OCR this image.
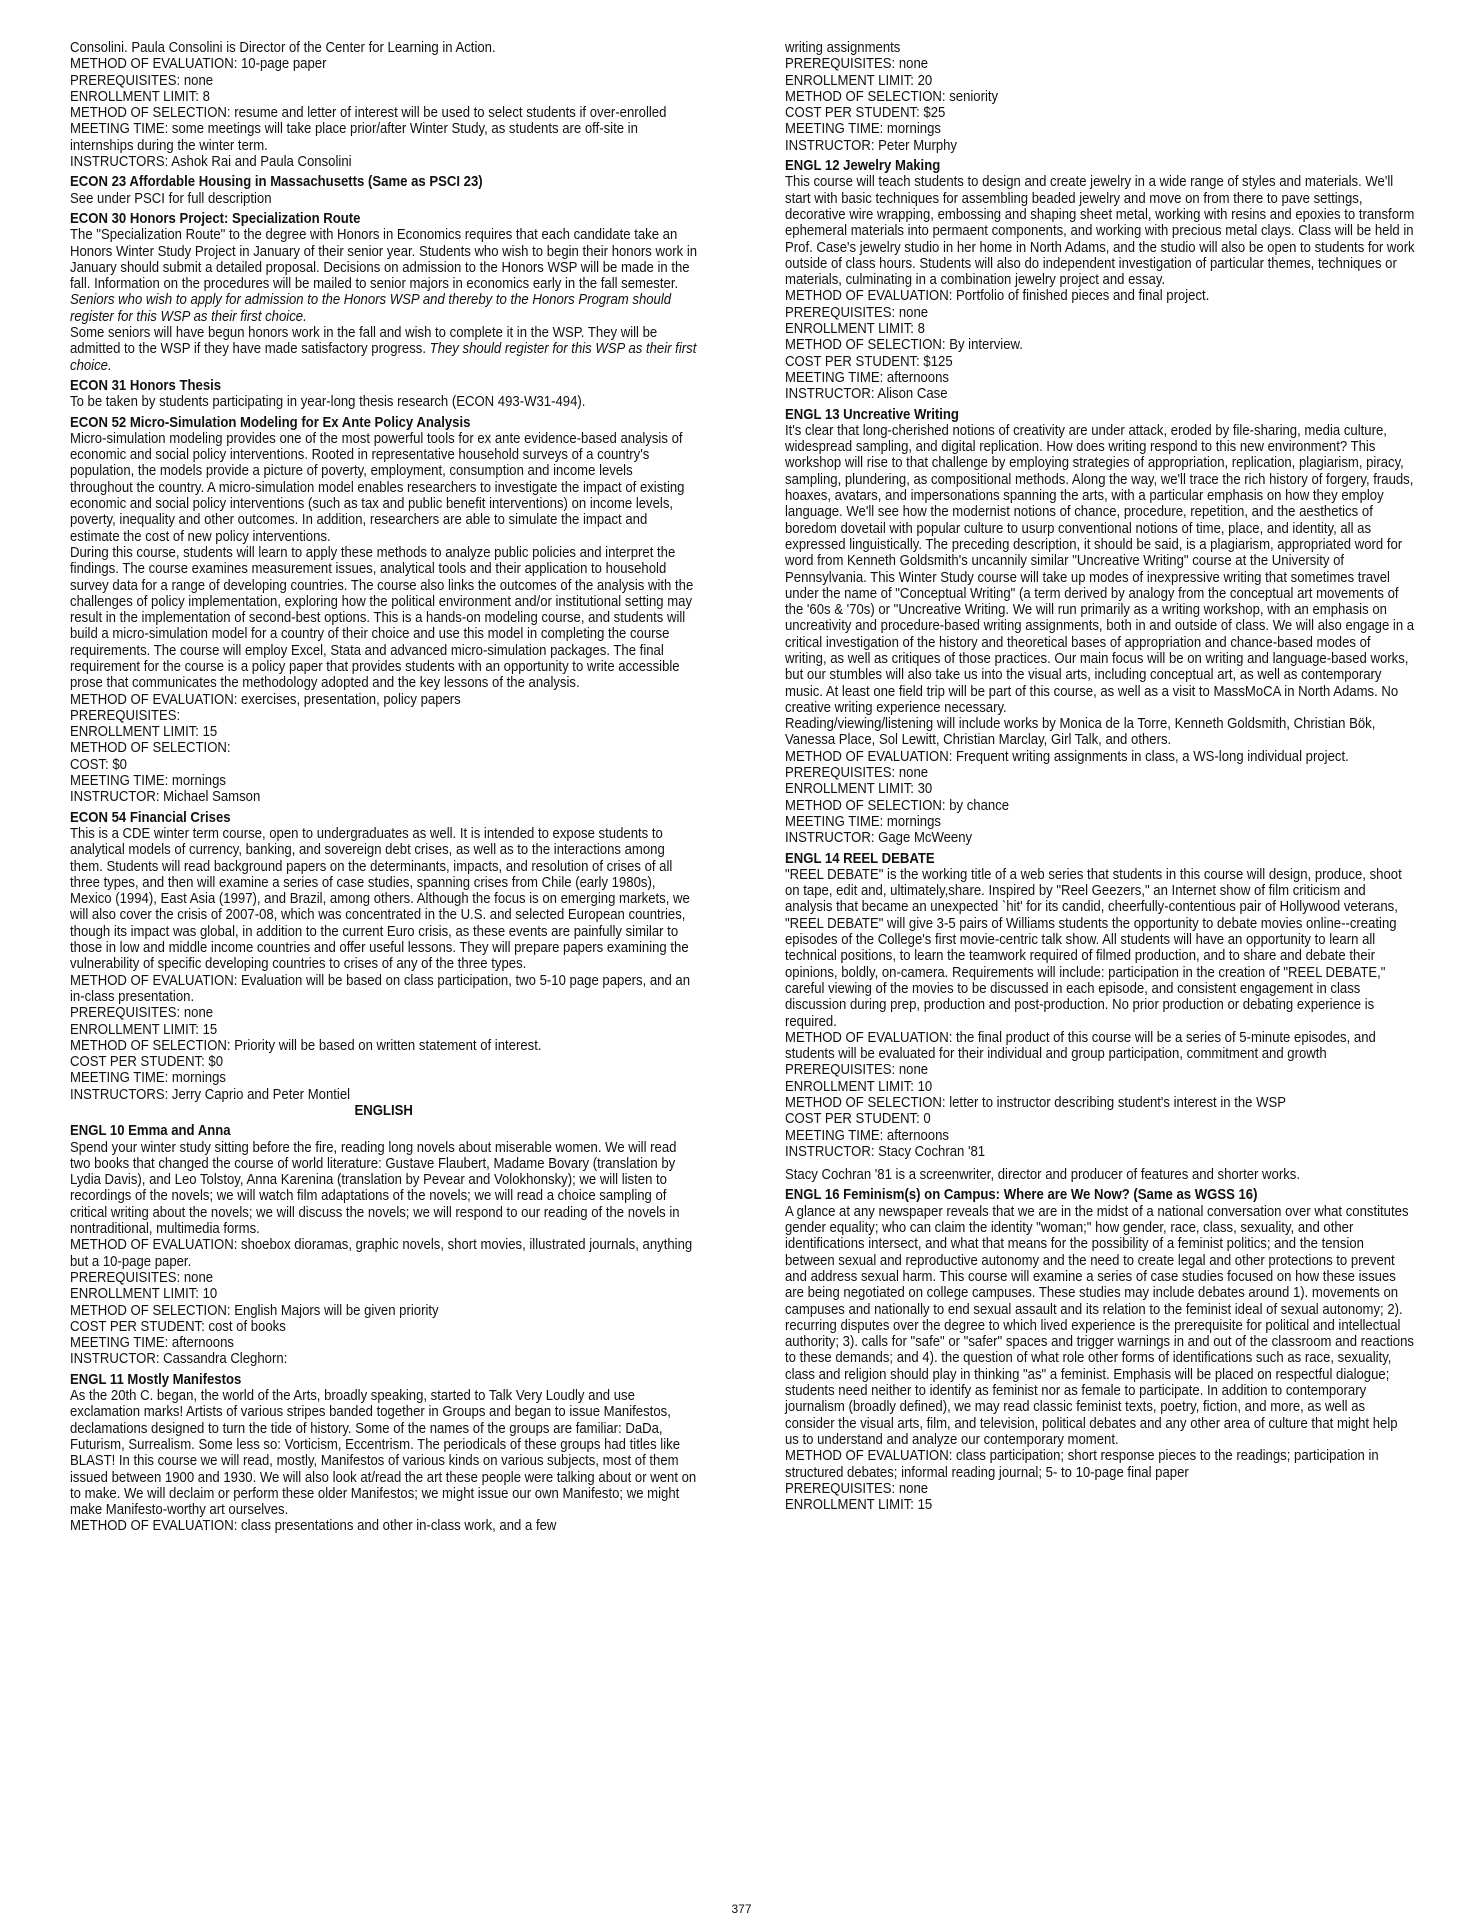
Consolini. Paula Consolini is Director of the Center for Learning in Action.

METHOD OF EVALUATION: 10-page paper

PREREQUISITES: none

ENROLLMENT LIMIT: 8

METHOD OF SELECTION: resume and letter of interest will be used to select students if over-enrolled

MEETING TIME: some meetings will take place prior/after Winter Study, as students are off-site in internships during the winter term.

INSTRUCTORS: Ashok Rai and Paula Consolini

ECON 23 Affordable Housing in Massachusetts (Same as PSCI 23)

See under PSCI for full description

ECON 30 Honors Project: Specialization Route

The "Specialization Route" to the degree with Honors in Economics requires that each candidate take an Honors Winter Study Project in January of their senior year. Students who wish to begin their honors work in January should submit a detailed proposal. Decisions on admission to the Honors WSP will be made in the fall. Information on the procedures will be mailed to senior majors in economics early in the fall semester.

Seniors who wish to apply for admission to the Honors WSP and thereby to the Honors Program should register for this WSP as their first choice.

Some seniors will have begun honors work in the fall and wish to complete it in the WSP. They will be admitted to the WSP if they have made satisfactory progress. They should register for this WSP as their first choice.

ECON 31 Honors Thesis

To be taken by students participating in year-long thesis research (ECON 493-W31-494).

ECON 52 Micro-Simulation Modeling for Ex Ante Policy Analysis

Micro-simulation modeling provides one of the most powerful tools for ex ante evidence-based analysis of economic and social policy interventions. Rooted in representative household surveys of a country's population, the models provide a picture of poverty, employment, consumption and income levels throughout the country. A micro-simulation model enables researchers to investigate the impact of existing economic and social policy interventions (such as tax and public benefit interventions) on income levels, poverty, inequality and other outcomes. In addition, researchers are able to simulate the impact and estimate the cost of new policy interventions.

During this course, students will learn to apply these methods to analyze public policies and interpret the findings. The course examines measurement issues, analytical tools and their application to household survey data for a range of developing countries. The course also links the outcomes of the analysis with the challenges of policy implementation, exploring how the political environment and/or institutional setting may result in the implementation of second-best options. This is a hands-on modeling course, and students will build a micro-simulation model for a country of their choice and use this model in completing the course requirements. The course will employ Excel, Stata and advanced micro-simulation packages. The final requirement for the course is a policy paper that provides students with an opportunity to write accessible prose that communicates the methodology adopted and the key lessons of the analysis.

METHOD OF EVALUATION: exercises, presentation, policy papers

PREREQUISITES:

ENROLLMENT LIMIT: 15

METHOD OF SELECTION:

COST: $0

MEETING TIME: mornings

INSTRUCTOR: Michael Samson

ECON 54 Financial Crises

This is a CDE winter term course, open to undergraduates as well. It is intended to expose students to analytical models of currency, banking, and sovereign debt crises, as well as to the interactions among them. Students will read background papers on the determinants, impacts, and resolution of crises of all three types, and then will examine a series of case studies, spanning crises from Chile (early 1980s), Mexico (1994), East Asia (1997), and Brazil, among others. Although the focus is on emerging markets, we will also cover the crisis of 2007-08, which was concentrated in the U.S. and selected European countries, though its impact was global, in addition to the current Euro crisis, as these events are painfully similar to those in low and middle income countries and offer useful lessons. They will prepare papers examining the vulnerability of specific developing countries to crises of any of the three types.

METHOD OF EVALUATION: Evaluation will be based on class participation, two 5-10 page papers, and an in-class presentation.

PREREQUISITES: none

ENROLLMENT LIMIT: 15

METHOD OF SELECTION: Priority will be based on written statement of interest.

COST PER STUDENT: $0

MEETING TIME: mornings

INSTRUCTORS: Jerry Caprio and Peter Montiel

ENGLISH

ENGL 10 Emma and Anna

Spend your winter study sitting before the fire, reading long novels about miserable women. We will read two books that changed the course of world literature: Gustave Flaubert, Madame Bovary (translation by Lydia Davis), and Leo Tolstoy, Anna Karenina (translation by Pevear and Volokhonsky); we will listen to recordings of the novels; we will watch film adaptations of the novels; we will read a choice sampling of critical writing about the novels; we will discuss the novels; we will respond to our reading of the novels in nontraditional, multimedia forms.

METHOD OF EVALUATION: shoebox dioramas, graphic novels, short movies, illustrated journals, anything but a 10-page paper.

PREREQUISITES: none

ENROLLMENT LIMIT: 10

METHOD OF SELECTION: English Majors will be given priority

COST PER STUDENT: cost of books

MEETING TIME: afternoons

INSTRUCTOR: Cassandra Cleghorn:

ENGL 11 Mostly Manifestos

As the 20th C. began, the world of the Arts, broadly speaking, started to Talk Very Loudly and use exclamation marks! Artists of various stripes banded together in Groups and began to issue Manifestos, declamations designed to turn the tide of history. Some of the names of the groups are familiar: DaDa, Futurism, Surrealism. Some less so: Vorticism, Eccentrism. The periodicals of these groups had titles like BLAST! In this course we will read, mostly, Manifestos of various kinds on various subjects, most of them issued between 1900 and 1930. We will also look at/read the art these people were talking about or went on to make. We will declaim or perform these older Manifestos; we might issue our own Manifesto; we might make Manifesto-worthy art ourselves.

METHOD OF EVALUATION: class presentations and other in-class work, and a few

writing assignments

PREREQUISITES: none

ENROLLMENT LIMIT: 20

METHOD OF SELECTION: seniority

COST PER STUDENT: $25

MEETING TIME: mornings

INSTRUCTOR: Peter Murphy

ENGL 12 Jewelry Making

This course will teach students to design and create jewelry in a wide range of styles and materials. We'll start with basic techniques for assembling beaded jewelry and move on from there to pave settings, decorative wire wrapping, embossing and shaping sheet metal, working with resins and epoxies to transform ephemeral materials into permaent components, and working with precious metal clays. Class will be held in Prof. Case's jewelry studio in her home in North Adams, and the studio will also be open to students for work outside of class hours. Students will also do independent investigation of particular themes, techniques or materials, culminating in a combination jewelry project and essay.

METHOD OF EVALUATION: Portfolio of finished pieces and final project.

PREREQUISITES: none

ENROLLMENT LIMIT: 8

METHOD OF SELECTION: By interview.

COST PER STUDENT: $125

MEETING TIME: afternoons

INSTRUCTOR: Alison Case

ENGL 13 Uncreative Writing

It's clear that long-cherished notions of creativity are under attack, eroded by file-sharing, media culture, widespread sampling, and digital replication. How does writing respond to this new environment? This workshop will rise to that challenge by employing strategies of appropriation, replication, plagiarism, piracy, sampling, plundering, as compositional methods. Along the way, we'll trace the rich history of forgery, frauds, hoaxes, avatars, and impersonations spanning the arts, with a particular emphasis on how they employ language. We'll see how the modernist notions of chance, procedure, repetition, and the aesthetics of boredom dovetail with popular culture to usurp conventional notions of time, place, and identity, all as expressed linguistically. The preceding description, it should be said, is a plagiarism, appropriated word for word from Kenneth Goldsmith's uncannily similar "Uncreative Writing" course at the University of Pennsylvania. This Winter Study course will take up modes of inexpressive writing that sometimes travel under the name of "Conceptual Writing" (a term derived by analogy from the conceptual art movements of the '60s & '70s) or "Uncreative Writing. We will run primarily as a writing workshop, with an emphasis on uncreativity and procedure-based writing assignments, both in and outside of class. We will also engage in a critical investigation of the history and theoretical bases of appropriation and chance-based modes of writing, as well as critiques of those practices. Our main focus will be on writing and language-based works, but our stumbles will also take us into the visual arts, including conceptual art, as well as contemporary music. At least one field trip will be part of this course, as well as a visit to MassMoCA in North Adams. No creative writing experience necessary.

Reading/viewing/listening will include works by Monica de la Torre, Kenneth Goldsmith, Christian Bök, Vanessa Place, Sol Lewitt, Christian Marclay, Girl Talk, and others.

METHOD OF EVALUATION: Frequent writing assignments in class, a WS-long individual project.

PREREQUISITES: none

ENROLLMENT LIMIT: 30

METHOD OF SELECTION: by chance

MEETING TIME: mornings

INSTRUCTOR: Gage McWeeny

ENGL 14 REEL DEBATE

"REEL DEBATE" is the working title of a web series that students in this course will design, produce, shoot on tape, edit and, ultimately,share. Inspired by "Reel Geezers," an Internet show of film criticism and analysis that became an unexpected `hit' for its candid, cheerfully-contentious pair of Hollywood veterans, "REEL DEBATE" will give 3-5 pairs of Williams students the opportunity to debate movies online--creating episodes of the College's first movie-centric talk show. All students will have an opportunity to learn all technical positions, to learn the teamwork required of filmed production, and to share and debate their opinions, boldly, on-camera. Requirements will include: participation in the creation of "REEL DEBATE," careful viewing of the movies to be discussed in each episode, and consistent engagement in class discussion during prep, production and post-production. No prior production or debating experience is required.

METHOD OF EVALUATION: the final product of this course will be a series of 5-minute episodes, and students will be evaluated for their individual and group participation, commitment and growth

PREREQUISITES: none

ENROLLMENT LIMIT: 10

METHOD OF SELECTION: letter to instructor describing student's interest in the WSP

COST PER STUDENT: 0

MEETING TIME: afternoons

INSTRUCTOR: Stacy Cochran '81

Stacy Cochran '81 is a screenwriter, director and producer of features and shorter works.

ENGL 16 Feminism(s) on Campus: Where are We Now? (Same as WGSS 16)

A glance at any newspaper reveals that we are in the midst of a national conversation over what constitutes gender equality; who can claim the identity "woman;" how gender, race, class, sexuality, and other identifications intersect, and what that means for the possibility of a feminist politics; and the tension between sexual and reproductive autonomy and the need to create legal and other protections to prevent and address sexual harm. This course will examine a series of case studies focused on how these issues are being negotiated on college campuses. These studies may include debates around 1). movements on campuses and nationally to end sexual assault and its relation to the feminist ideal of sexual autonomy; 2). recurring disputes over the degree to which lived experience is the prerequisite for political and intellectual authority; 3). calls for "safe" or "safer" spaces and trigger warnings in and out of the classroom and reactions to these demands; and 4). the question of what role other forms of identifications such as race, sexuality, class and religion should play in thinking "as" a feminist. Emphasis will be placed on respectful dialogue; students need neither to identify as feminist nor as female to participate. In addition to contemporary journalism (broadly defined), we may read classic feminist texts, poetry, fiction, and more, as well as consider the visual arts, film, and television, political debates and any other area of culture that might help us to understand and analyze our contemporary moment.

METHOD OF EVALUATION: class participation; short response pieces to the readings; participation in structured debates; informal reading journal; 5- to 10-page final paper

PREREQUISITES: none

ENROLLMENT LIMIT: 15

377
